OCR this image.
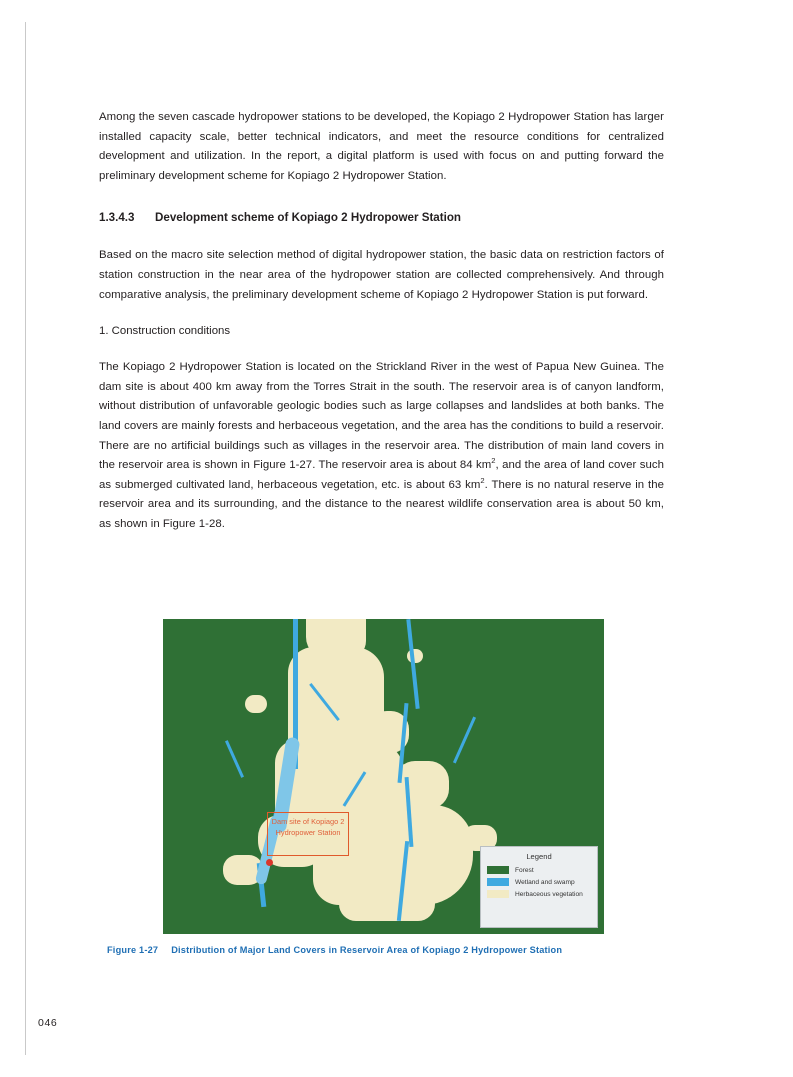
Among the seven cascade hydropower stations to be developed, the Kopiago 2 Hydropower Station has larger installed capacity scale, better technical indicators, and meet the resource conditions for centralized development and utilization. In the report, a digital platform is used with focus on and putting forward the preliminary development scheme for Kopiago 2 Hydropower Station.

1.3.4.3 Development scheme of Kopiago 2 Hydropower Station

Based on the macro site selection method of digital hydropower station, the basic data on restriction factors of station construction in the near area of the hydropower station are collected comprehensively. And through comparative analysis, the preliminary development scheme of Kopiago 2 Hydropower Station is put forward.

1. Construction conditions

The Kopiago 2 Hydropower Station is located on the Strickland River in the west of Papua New Guinea. The dam site is about 400 km away from the Torres Strait in the south. The reservoir area is of canyon landform, without distribution of unfavorable geologic bodies such as large collapses and landslides at both banks. The land covers are mainly forests and herbaceous vegetation, and the area has the conditions to build a reservoir. There are no artificial buildings such as villages in the reservoir area. The distribution of main land covers in the reservoir area is shown in Figure 1-27. The reservoir area is about 84 $km^2$, and the area of land cover such as submerged cultivated land, herbaceous vegetation, etc. is about 63 $km^2$. There is no natural reserve in the reservoir area and its surrounding, and the distance to the nearest wildlife conservation area is about 50 km, as shown in Figure 1-28.

Dam site of Kopiago 2 Hydropower Station
Legend
Forest
Wetland and swamp
Herbaceous vegetation
Figure 1-27 Distribution of Major Land Covers in Reservoir Area of Kopiago 2 Hydropower Station
046
